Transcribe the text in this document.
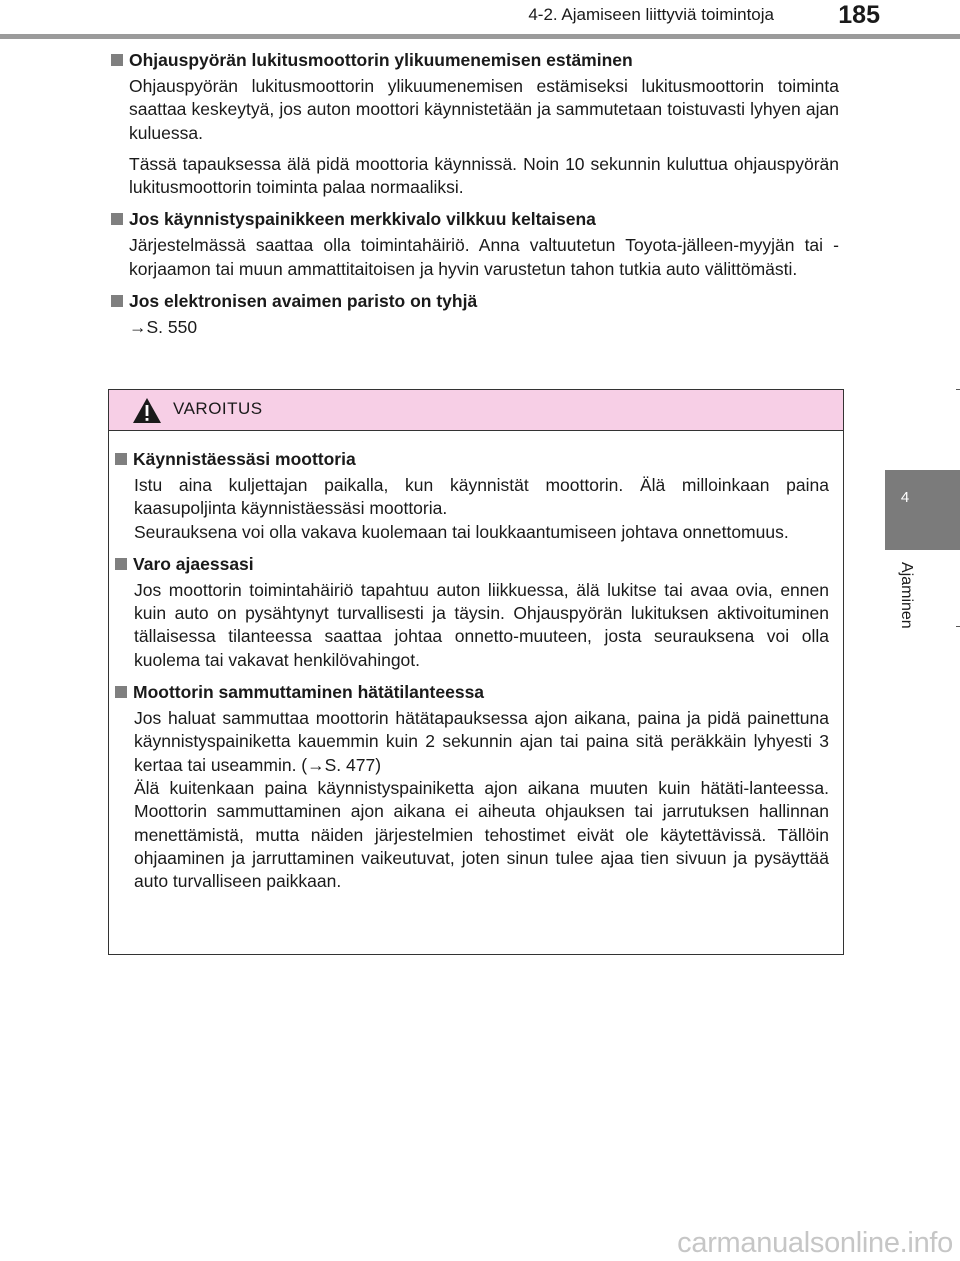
4-2. Ajamiseen liittyviä toimintoja	185
4
Ajaminen
Ohjauspyörän lukitusmoottorin ylikuumenemisen estäminen

Ohjauspyörän lukitusmoottorin ylikuumenemisen estämiseksi lukitusmoottorin toiminta saattaa keskeytyä, jos auton moottori käynnistetään ja sammutetaan toistuvasti lyhyen ajan kuluessa.

Tässä tapauksessa älä pidä moottoria käynnissä. Noin 10 sekunnin kuluttua ohjauspyörän lukitusmoottorin toiminta palaa normaaliksi.

Jos käynnistyspainikkeen merkkivalo vilkkuu keltaisena

Järjestelmässä saattaa olla toimintahäiriö. Anna valtuutetun Toyota-jälleen-myyjän tai -korjaamon tai muun ammattitaitoisen ja hyvin varustetun tahon tutkia auto välittömästi.

Jos elektronisen avaimen paristo on tyhjä

→S. 550

VAROITUS
Käynnistäessäsi moottoria

Istu aina kuljettajan paikalla, kun käynnistät moottorin. Älä milloinkaan paina kaasupoljinta käynnistäessäsi moottoria.

Seurauksena voi olla vakava kuolemaan tai loukkaantumiseen johtava onnettomuus.

Varo ajaessasi

Jos moottorin toimintahäiriö tapahtuu auton liikkuessa, älä lukitse tai avaa ovia, ennen kuin auto on pysähtynyt turvallisesti ja täysin. Ohjauspyörän lukituksen aktivoituminen tällaisessa tilanteessa saattaa johtaa onnetto-muuteen, josta seurauksena voi olla kuolema tai vakavat henkilövahingot.

Moottorin sammuttaminen hätätilanteessa

Jos haluat sammuttaa moottorin hätätapauksessa ajon aikana, paina ja pidä painettuna käynnistyspainiketta kauemmin kuin 2 sekunnin ajan tai paina sitä peräkkäin lyhyesti 3 kertaa tai useammin. (→S. 477)

Älä kuitenkaan paina käynnistyspainiketta ajon aikana muuten kuin hätäti-lanteessa. Moottorin sammuttaminen ajon aikana ei aiheuta ohjauksen tai jarrutuksen hallinnan menettämistä, mutta näiden järjestelmien tehostimet eivät ole käytettävissä. Tällöin ohjaaminen ja jarruttaminen vaikeutuvat, joten sinun tulee ajaa tien sivuun ja pysäyttää auto turvalliseen paikkaan.

carmanualsonline.info
